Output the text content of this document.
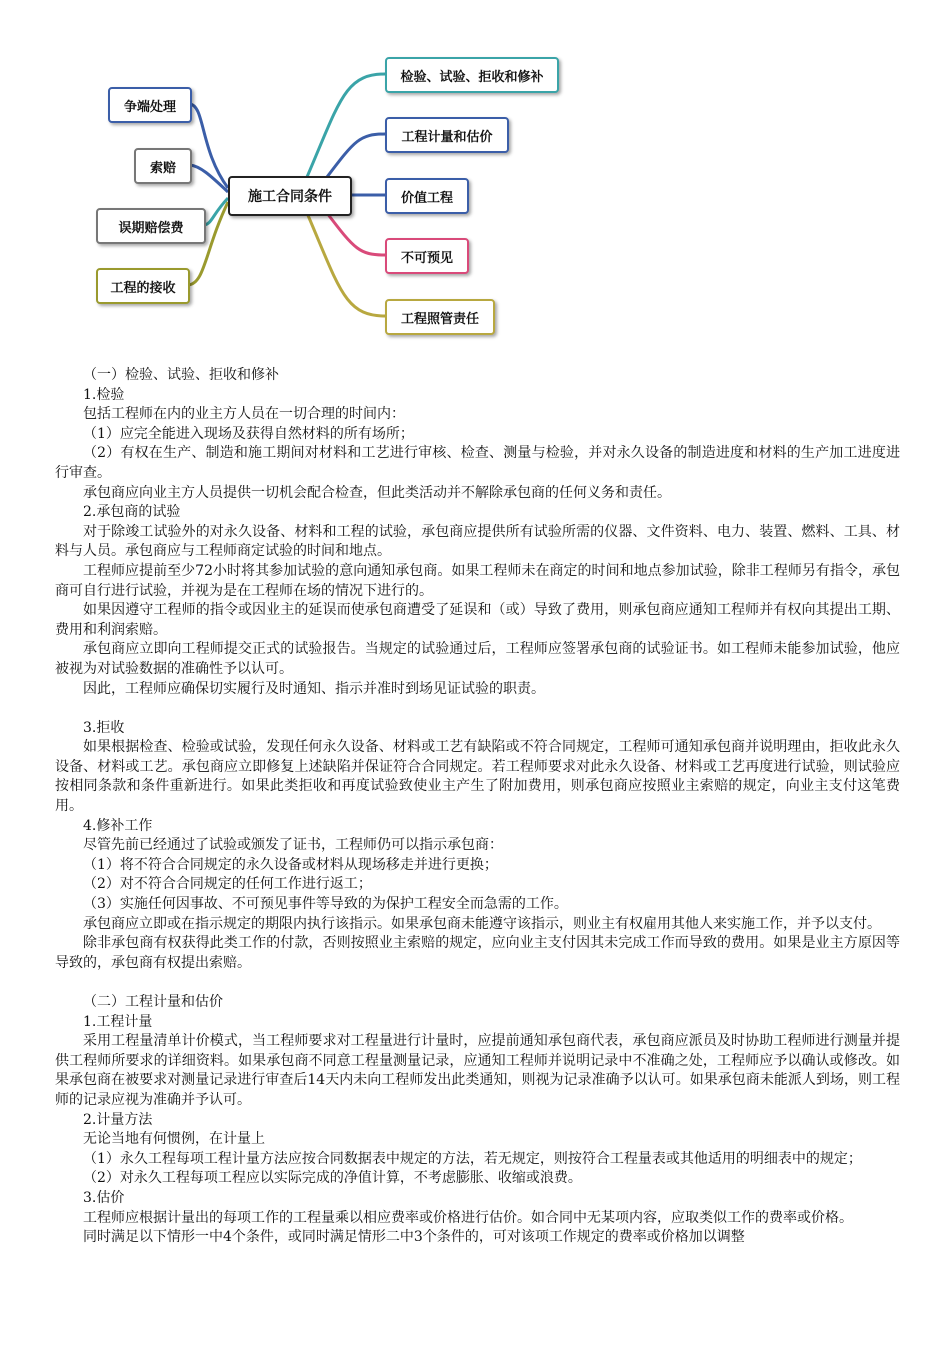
施工合同条件
争端处理
索赔
误期赔偿费
工程的接收
检验、试验、拒收和修补
工程计量和估价
价值工程
不可预见
工程照管责任

（一）检验、试验、拒收和修补

1.检验

包括工程师在内的业主方人员在一切合理的时间内：

（1）应完全能进入现场及获得自然材料的所有场所；

（2）有权在生产、制造和施工期间对材料和工艺进行审核、检查、测量与检验，并对永久设备的制造进度和材料的生产加工进度进行审查。

承包商应向业主方人员提供一切机会配合检查，但此类活动并不解除承包商的任何义务和责任。

2.承包商的试验

对于除竣工试验外的对永久设备、材料和工程的试验，承包商应提供所有试验所需的仪器、文件资料、电力、装置、燃料、工具、材料与人员。承包商应与工程师商定试验的时间和地点。

工程师应提前至少72小时将其参加试验的意向通知承包商。如果工程师未在商定的时间和地点参加试验，除非工程师另有指令，承包商可自行进行试验，并视为是在工程师在场的情况下进行的。

如果因遵守工程师的指令或因业主的延误而使承包商遭受了延误和（或）导致了费用，则承包商应通知工程师并有权向其提出工期、费用和利润索赔。

承包商应立即向工程师提交正式的试验报告。当规定的试验通过后，工程师应签署承包商的试验证书。如工程师未能参加试验，他应被视为对试验数据的准确性予以认可。

因此，工程师应确保切实履行及时通知、指示并准时到场见证试验的职责。

3.拒收

如果根据检查、检验或试验，发现任何永久设备、材料或工艺有缺陷或不符合同规定，工程师可通知承包商并说明理由，拒收此永久设备、材料或工艺。承包商应立即修复上述缺陷并保证符合合同规定。若工程师要求对此永久设备、材料或工艺再度进行试验，则试验应按相同条款和条件重新进行。如果此类拒收和再度试验致使业主产生了附加费用，则承包商应按照业主索赔的规定，向业主支付这笔费用。

4.修补工作

尽管先前已经通过了试验或颁发了证书，工程师仍可以指示承包商：

（1）将不符合合同规定的永久设备或材料从现场移走并进行更换；

（2）对不符合合同规定的任何工作进行返工；

（3）实施任何因事故、不可预见事件等导致的为保护工程安全而急需的工作。

承包商应立即或在指示规定的期限内执行该指示。如果承包商未能遵守该指示，则业主有权雇用其他人来实施工作，并予以支付。

除非承包商有权获得此类工作的付款，否则按照业主索赔的规定，应向业主支付因其未完成工作而导致的费用。如果是业主方原因等导致的，承包商有权提出索赔。

（二）工程计量和估价

1.工程计量

采用工程量清单计价模式，当工程师要求对工程量进行计量时，应提前通知承包商代表，承包商应派员及时协助工程师进行测量并提供工程师所要求的详细资料。如果承包商不同意工程量测量记录，应通知工程师并说明记录中不准确之处，工程师应予以确认或修改。如果承包商在被要求对测量记录进行审查后14天内未向工程师发出此类通知，则视为记录准确予以认可。如果承包商未能派人到场，则工程师的记录应视为准确并予认可。

2.计量方法

无论当地有何惯例，在计量上

（1）永久工程每项工程计量方法应按合同数据表中规定的方法，若无规定，则按符合工程量表或其他适用的明细表中的规定；

（2）对永久工程每项工程应以实际完成的净值计算，不考虑膨胀、收缩或浪费。

3.估价

工程师应根据计量出的每项工作的工程量乘以相应费率或价格进行估价。如合同中无某项内容，应取类似工作的费率或价格。

同时满足以下情形一中4个条件，或同时满足情形二中3个条件的，可对该项工作规定的费率或价格加以调整
